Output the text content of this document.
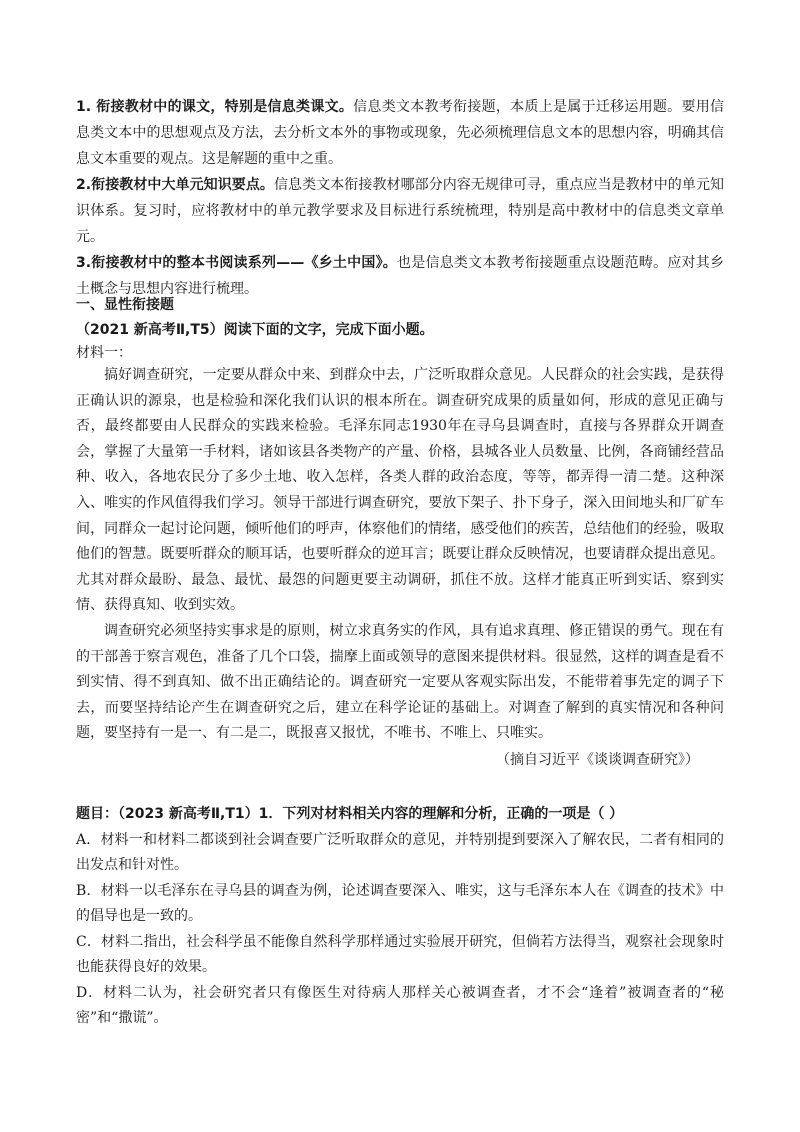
1. 衔接教材中的课文，特别是信息类课文。信息类文本教考衔接题，本质上是属于迁移运用题。要用信息类文本中的思想观点及方法，去分析文本外的事物或现象，先必须梳理信息文本的思想内容，明确其信息文本重要的观点。这是解题的重中之重。

2.衔接教材中大单元知识要点。信息类文本衔接教材哪部分内容无规律可寻，重点应当是教材中的单元知识体系。复习时，应将教材中的单元教学要求及目标进行系统梳理，特别是高中教材中的信息类文章单元。

3.衔接教材中的整本书阅读系列——《乡土中国》。也是信息类文本教考衔接题重点设题范畴。应对其乡土概念与思想内容进行梳理。

一、显性衔接题
（2021 新高考Ⅱ,T5）阅读下面的文字，完成下面小题。
材料一：

搞好调查研究，一定要从群众中来、到群众中去，广泛听取群众意见。人民群众的社会实践，是获得正确认识的源泉，也是检验和深化我们认识的根本所在。调查研究成果的质量如何，形成的意见正确与否，最终都要由人民群众的实践来检验。毛泽东同志1930年在寻乌县调查时，直接与各界群众开调查会，掌握了大量第一手材料，诸如该县各类物产的产量、价格，县城各业人员数量、比例，各商铺经营品种、收入，各地农民分了多少土地、收入怎样，各类人群的政治态度，等等，都弄得一清二楚。这种深入、唯实的作风值得我们学习。领导干部进行调查研究，要放下架子、扑下身子，深入田间地头和厂矿车间，同群众一起讨论问题，倾听他们的呼声，体察他们的情绪，感受他们的疾苦，总结他们的经验，吸取他们的智慧。既要听群众的顺耳话，也要听群众的逆耳言；既要让群众反映情况，也要请群众提出意见。尤其对群众最盼、最急、最忧、最怨的问题更要主动调研，抓住不放。这样才能真正听到实话、察到实情、获得真知、收到实效。

调查研究必须坚持实事求是的原则，树立求真务实的作风，具有追求真理、修正错误的勇气。现在有的干部善于察言观色，准备了几个口袋，揣摩上面或领导的意图来提供材料。很显然，这样的调查是看不到实情、得不到真知、做不出正确结论的。调查研究一定要从客观实际出发，不能带着事先定的调子下去，而要坚持结论产生在调查研究之后，建立在科学论证的基础上。对调查了解到的真实情况和各种问题，要坚持有一是一、有二是二，既报喜又报忧，不唯书、不唯上、只唯实。

（摘自习近平《谈谈调查研究》）

题目：（2023 新高考Ⅱ,T1）1．下列对材料相关内容的理解和分析，正确的一项是（ ）

A．材料一和材料二都谈到社会调查要广泛听取群众的意见，并特别提到要深入了解农民，二者有相同的出发点和针对性。

B．材料一以毛泽东在寻乌县的调查为例，论述调查要深入、唯实，这与毛泽东本人在《调查的技术》中的倡导也是一致的。

C．材料二指出，社会科学虽不能像自然科学那样通过实验展开研究，但倘若方法得当，观察社会现象时也能获得良好的效果。

D．材料二认为，社会研究者只有像医生对待病人那样关心被调查者，才不会“逢着”被调查者的“秘密”和“撒谎”。
